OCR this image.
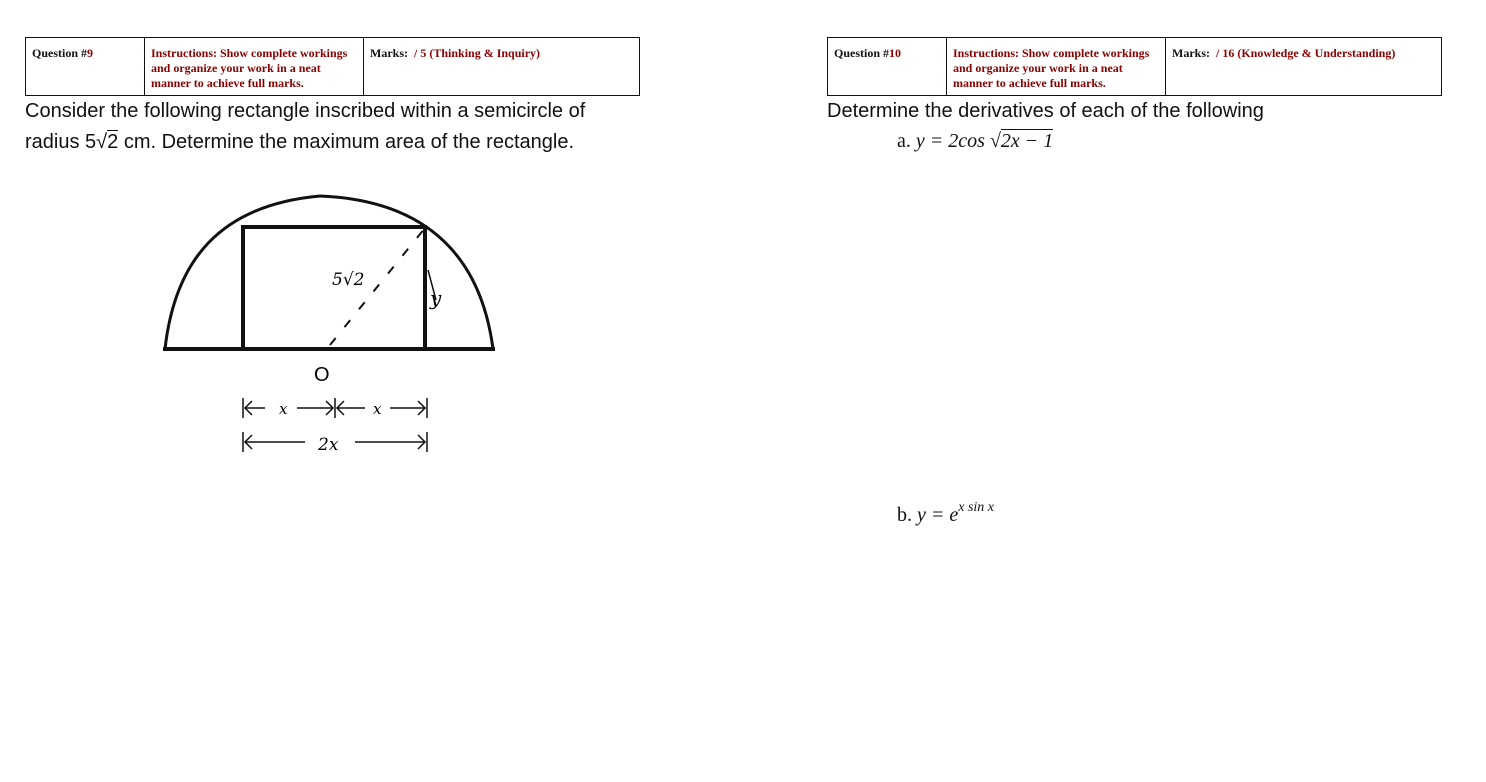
Question #9	Instructions: Show complete workings and organize your work in a neat manner to achieve full marks.	Marks: / 5 (Thinking & Inquiry)	Question #10	Instructions: Show complete workings and organize your work in a neat manner to achieve full marks.	Marks: / 16 (Knowledge & Understanding)
Consider the following rectangle inscribed within a semicircle of
radius 5√2 cm. Determine the maximum area of the rectangle.
5√2
y
O
x	x
2x
Determine the derivatives of each of the following
a. y = 2cos √2x − 1
b. $y = e^{x sin x}$
